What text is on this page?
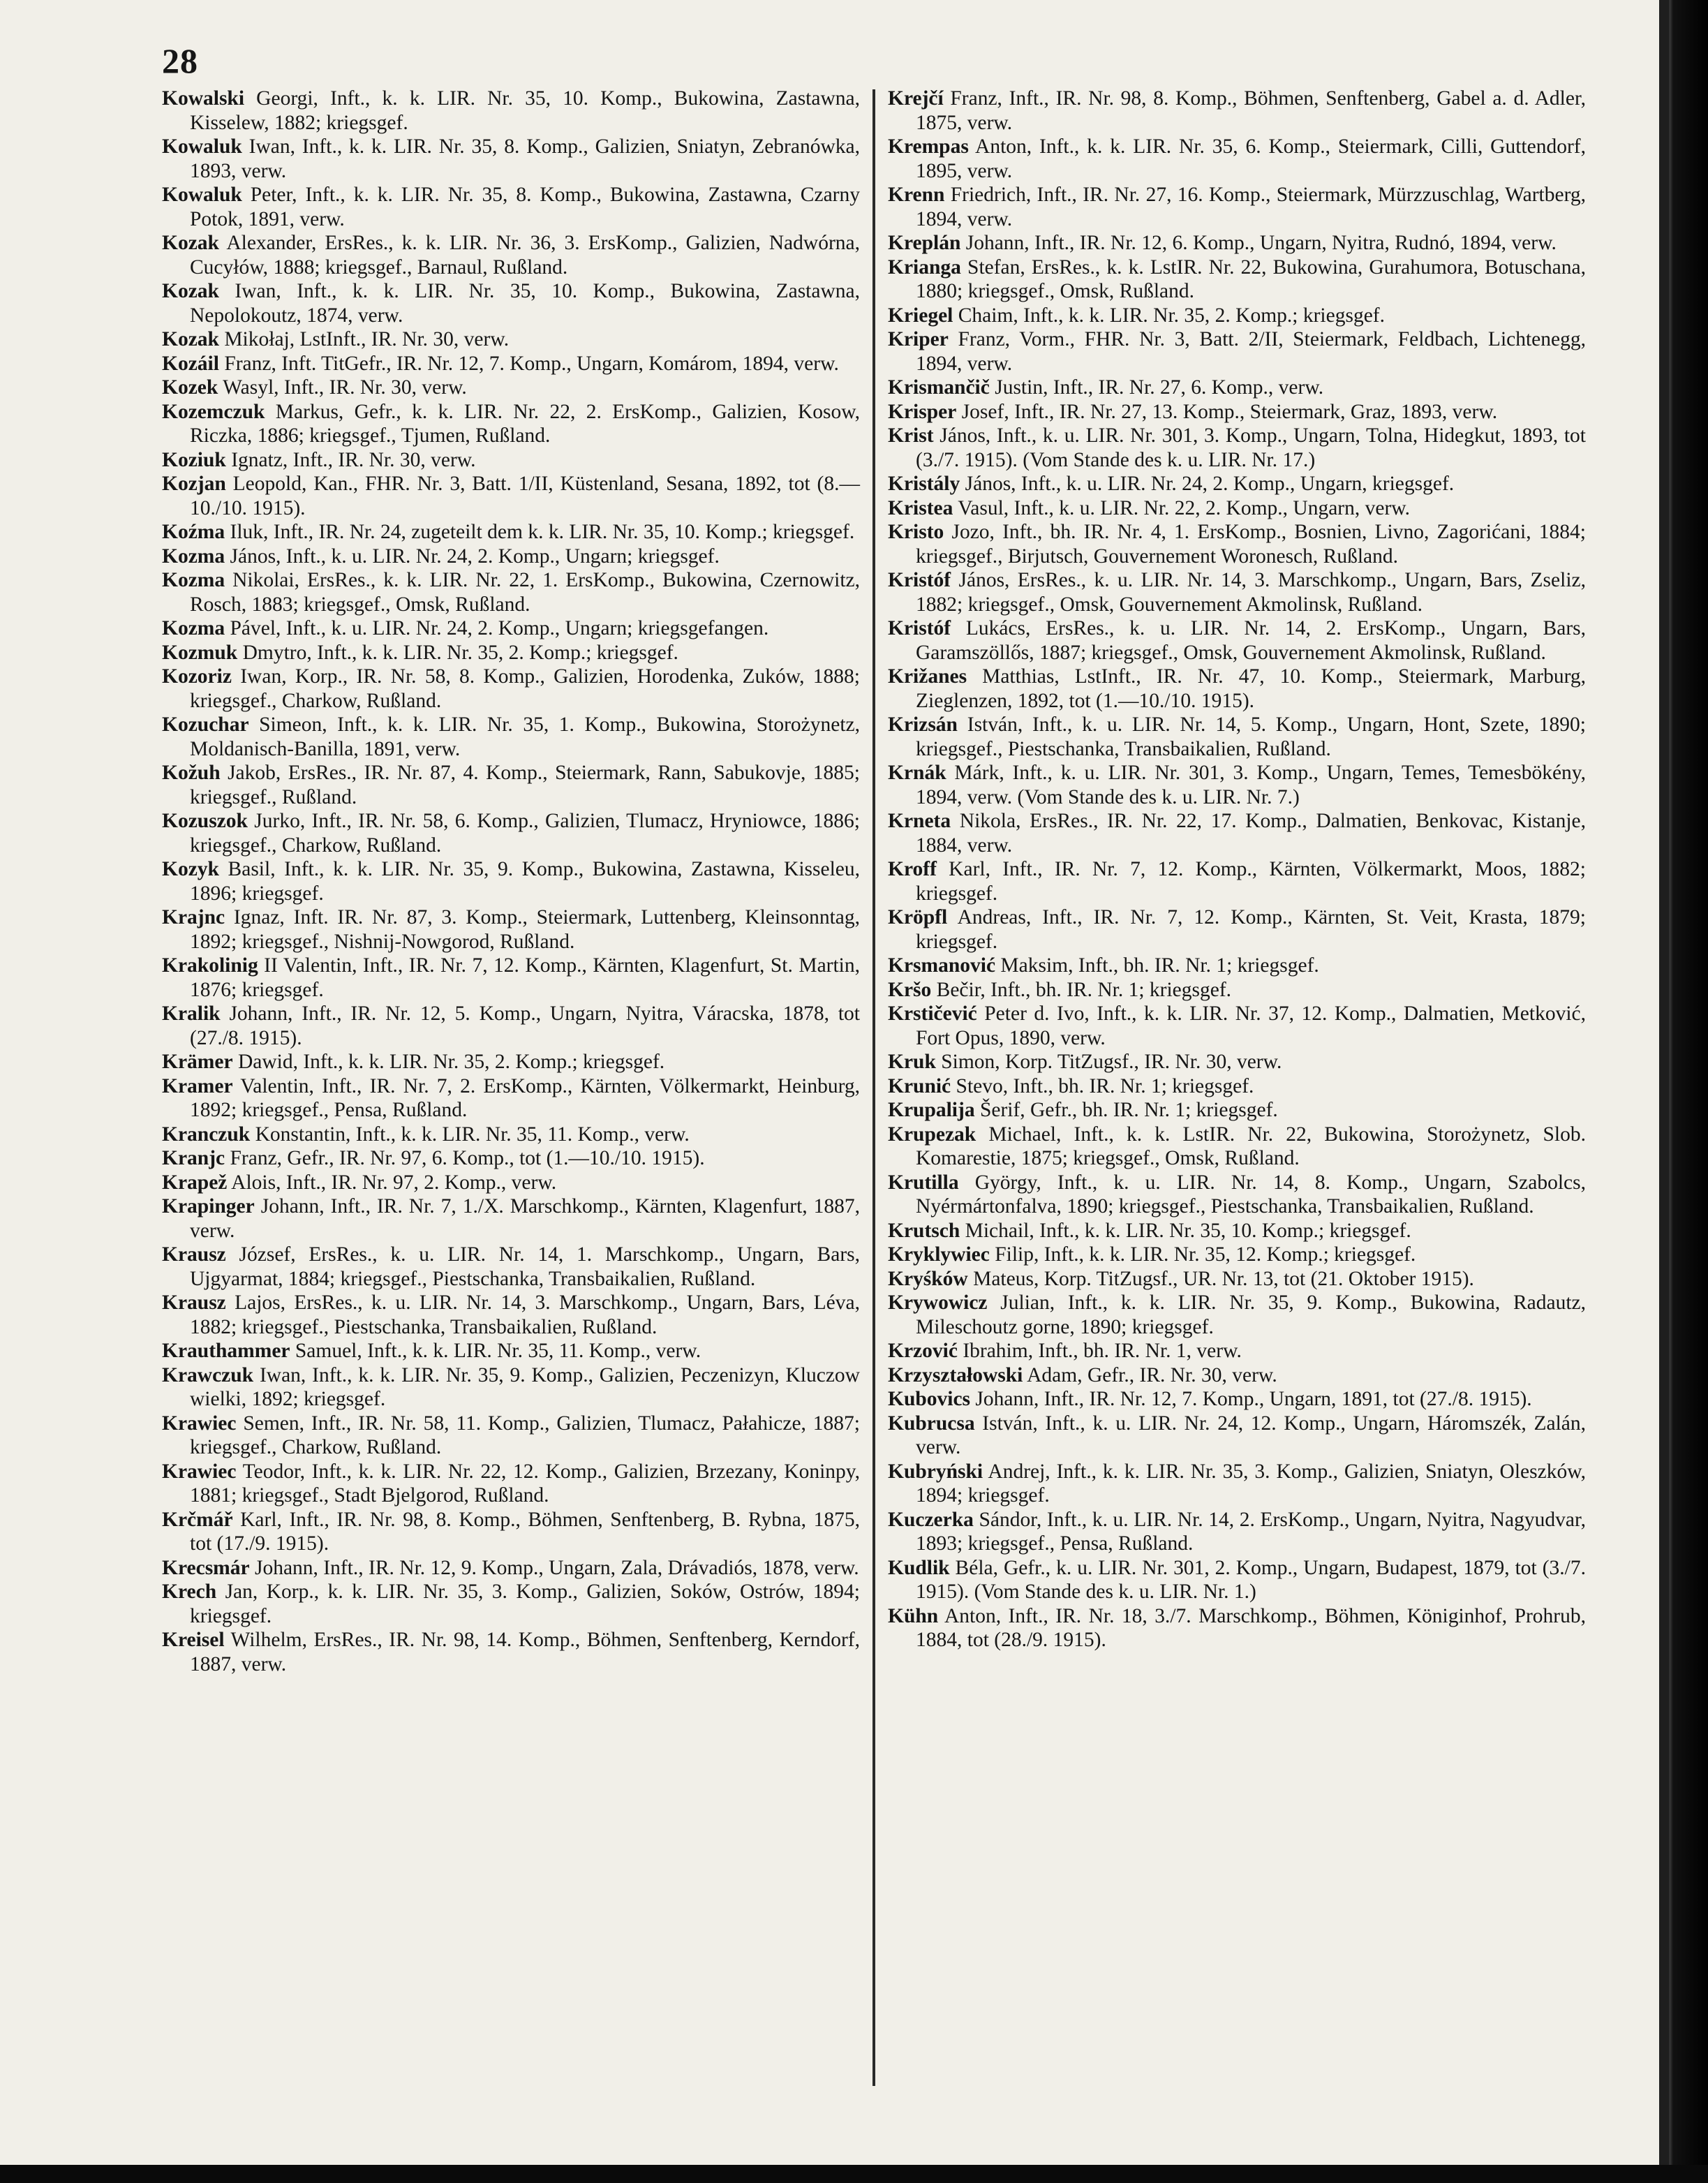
28

Kowalski Georgi, Inft., k. k. LIR. Nr. 35, 10. Komp., Bukowina, Zastawna, Kisselew, 1882; kriegsgef.

Kowaluk Iwan, Inft., k. k. LIR. Nr. 35, 8. Komp., Galizien, Sniatyn, Zebranówka, 1893, verw.

Kowaluk Peter, Inft., k. k. LIR. Nr. 35, 8. Komp., Bukowina, Zastawna, Czarny Potok, 1891, verw.

Kozak Alexander, ErsRes., k. k. LIR. Nr. 36, 3. ErsKomp., Galizien, Nadwórna, Cucyłów, 1888; kriegsgef., Barnaul, Rußland.

Kozak Iwan, Inft., k. k. LIR. Nr. 35, 10. Komp., Bukowina, Zastawna, Nepolokoutz, 1874, verw.

Kozak Mikołaj, LstInft., IR. Nr. 30, verw.

Kozáil Franz, Inft. TitGefr., IR. Nr. 12, 7. Komp., Ungarn, Komárom, 1894, verw.

Kozek Wasyl, Inft., IR. Nr. 30, verw.

Kozemczuk Markus, Gefr., k. k. LIR. Nr. 22, 2. ErsKomp., Galizien, Kosow, Riczka, 1886; kriegsgef., Tjumen, Rußland.

Koziuk Ignatz, Inft., IR. Nr. 30, verw.

Kozjan Leopold, Kan., FHR. Nr. 3, Batt. 1/II, Küstenland, Sesana, 1892, tot (8.—10./10. 1915).

Koźma Iluk, Inft., IR. Nr. 24, zugeteilt dem k. k. LIR. Nr. 35, 10. Komp.; kriegsgef.

Kozma János, Inft., k. u. LIR. Nr. 24, 2. Komp., Ungarn; kriegsgef.

Kozma Nikolai, ErsRes., k. k. LIR. Nr. 22, 1. ErsKomp., Bukowina, Czernowitz, Rosch, 1883; kriegsgef., Omsk, Rußland.

Kozma Pável, Inft., k. u. LIR. Nr. 24, 2. Komp., Ungarn; kriegsgefangen.

Kozmuk Dmytro, Inft., k. k. LIR. Nr. 35, 2. Komp.; kriegsgef.

Kozoriz Iwan, Korp., IR. Nr. 58, 8. Komp., Galizien, Horodenka, Zuków, 1888; kriegsgef., Charkow, Rußland.

Kozuchar Simeon, Inft., k. k. LIR. Nr. 35, 1. Komp., Bukowina, Storożynetz, Moldanisch-Banilla, 1891, verw.

Kožuh Jakob, ErsRes., IR. Nr. 87, 4. Komp., Steiermark, Rann, Sabukovje, 1885; kriegsgef., Rußland.

Kozuszok Jurko, Inft., IR. Nr. 58, 6. Komp., Galizien, Tlumacz, Hryniowce, 1886; kriegsgef., Charkow, Rußland.

Kozyk Basil, Inft., k. k. LIR. Nr. 35, 9. Komp., Bukowina, Zastawna, Kisseleu, 1896; kriegsgef.

Krajnc Ignaz, Inft. IR. Nr. 87, 3. Komp., Steiermark, Luttenberg, Kleinsonntag, 1892; kriegsgef., Nishnij-Nowgorod, Rußland.

Krakolinig II Valentin, Inft., IR. Nr. 7, 12. Komp., Kärnten, Klagenfurt, St. Martin, 1876; kriegsgef.

Kralik Johann, Inft., IR. Nr. 12, 5. Komp., Ungarn, Nyitra, Váracska, 1878, tot (27./8. 1915).

Krämer Dawid, Inft., k. k. LIR. Nr. 35, 2. Komp.; kriegsgef.

Kramer Valentin, Inft., IR. Nr. 7, 2. ErsKomp., Kärnten, Völkermarkt, Heinburg, 1892; kriegsgef., Pensa, Rußland.

Kranczuk Konstantin, Inft., k. k. LIR. Nr. 35, 11. Komp., verw.

Kranjc Franz, Gefr., IR. Nr. 97, 6. Komp., tot (1.—10./10. 1915).

Krapež Alois, Inft., IR. Nr. 97, 2. Komp., verw.

Krapinger Johann, Inft., IR. Nr. 7, 1./X. Marschkomp., Kärnten, Klagenfurt, 1887, verw.

Krausz József, ErsRes., k. u. LIR. Nr. 14, 1. Marschkomp., Ungarn, Bars, Ujgyarmat, 1884; kriegsgef., Piestschanka, Transbaikalien, Rußland.

Krausz Lajos, ErsRes., k. u. LIR. Nr. 14, 3. Marschkomp., Ungarn, Bars, Léva, 1882; kriegsgef., Piestschanka, Transbaikalien, Rußland.

Krauthammer Samuel, Inft., k. k. LIR. Nr. 35, 11. Komp., verw.

Krawczuk Iwan, Inft., k. k. LIR. Nr. 35, 9. Komp., Galizien, Peczenizyn, Kluczow wielki, 1892; kriegsgef.

Krawiec Semen, Inft., IR. Nr. 58, 11. Komp., Galizien, Tlumacz, Pałahicze, 1887; kriegsgef., Charkow, Rußland.

Krawiec Teodor, Inft., k. k. LIR. Nr. 22, 12. Komp., Galizien, Brzezany, Koninpy, 1881; kriegsgef., Stadt Bjelgorod, Rußland.

Krčmář Karl, Inft., IR. Nr. 98, 8. Komp., Böhmen, Senftenberg, B. Rybna, 1875, tot (17./9. 1915).

Krecsmár Johann, Inft., IR. Nr. 12, 9. Komp., Ungarn, Zala, Drávadiós, 1878, verw.

Krech Jan, Korp., k. k. LIR. Nr. 35, 3. Komp., Galizien, Soków, Ostrów, 1894; kriegsgef.

Kreisel Wilhelm, ErsRes., IR. Nr. 98, 14. Komp., Böhmen, Senftenberg, Kerndorf, 1887, verw.

Krejčí Franz, Inft., IR. Nr. 98, 8. Komp., Böhmen, Senftenberg, Gabel a. d. Adler, 1875, verw.

Krempas Anton, Inft., k. k. LIR. Nr. 35, 6. Komp., Steiermark, Cilli, Guttendorf, 1895, verw.

Krenn Friedrich, Inft., IR. Nr. 27, 16. Komp., Steiermark, Mürzzuschlag, Wartberg, 1894, verw.

Kreplán Johann, Inft., IR. Nr. 12, 6. Komp., Ungarn, Nyitra, Rudnó, 1894, verw.

Krianga Stefan, ErsRes., k. k. LstIR. Nr. 22, Bukowina, Gurahumora, Botuschana, 1880; kriegsgef., Omsk, Rußland.

Kriegel Chaim, Inft., k. k. LIR. Nr. 35, 2. Komp.; kriegsgef.

Kriper Franz, Vorm., FHR. Nr. 3, Batt. 2/II, Steiermark, Feldbach, Lichtenegg, 1894, verw.

Krismančič Justin, Inft., IR. Nr. 27, 6. Komp., verw.

Krisper Josef, Inft., IR. Nr. 27, 13. Komp., Steiermark, Graz, 1893, verw.

Krist János, Inft., k. u. LIR. Nr. 301, 3. Komp., Ungarn, Tolna, Hidegkut, 1893, tot (3./7. 1915). (Vom Stande des k. u. LIR. Nr. 17.)

Kristály János, Inft., k. u. LIR. Nr. 24, 2. Komp., Ungarn, kriegsgef.

Kristea Vasul, Inft., k. u. LIR. Nr. 22, 2. Komp., Ungarn, verw.

Kristo Jozo, Inft., bh. IR. Nr. 4, 1. ErsKomp., Bosnien, Livno, Zagorićani, 1884; kriegsgef., Birjutsch, Gouvernement Woronesch, Rußland.

Kristóf János, ErsRes., k. u. LIR. Nr. 14, 3. Marschkomp., Ungarn, Bars, Zseliz, 1882; kriegsgef., Omsk, Gouvernement Akmolinsk, Rußland.

Kristóf Lukács, ErsRes., k. u. LIR. Nr. 14, 2. ErsKomp., Ungarn, Bars, Garamszöllős, 1887; kriegsgef., Omsk, Gouvernement Akmolinsk, Rußland.

Križanes Matthias, LstInft., IR. Nr. 47, 10. Komp., Steiermark, Marburg, Zieglenzen, 1892, tot (1.—10./10. 1915).

Krizsán István, Inft., k. u. LIR. Nr. 14, 5. Komp., Ungarn, Hont, Szete, 1890; kriegsgef., Piestschanka, Transbaikalien, Rußland.

Krnák Márk, Inft., k. u. LIR. Nr. 301, 3. Komp., Ungarn, Temes, Temesbökény, 1894, verw. (Vom Stande des k. u. LIR. Nr. 7.)

Krneta Nikola, ErsRes., IR. Nr. 22, 17. Komp., Dalmatien, Benkovac, Kistanje, 1884, verw.

Kroff Karl, Inft., IR. Nr. 7, 12. Komp., Kärnten, Völkermarkt, Moos, 1882; kriegsgef.

Kröpfl Andreas, Inft., IR. Nr. 7, 12. Komp., Kärnten, St. Veit, Krasta, 1879; kriegsgef.

Krsmanović Maksim, Inft., bh. IR. Nr. 1; kriegsgef.

Kršo Bečir, Inft., bh. IR. Nr. 1; kriegsgef.

Krstičević Peter d. Ivo, Inft., k. k. LIR. Nr. 37, 12. Komp., Dalmatien, Metković, Fort Opus, 1890, verw.

Kruk Simon, Korp. TitZugsf., IR. Nr. 30, verw.

Krunić Stevo, Inft., bh. IR. Nr. 1; kriegsgef.

Krupalija Šerif, Gefr., bh. IR. Nr. 1; kriegsgef.

Krupezak Michael, Inft., k. k. LstIR. Nr. 22, Bukowina, Storożynetz, Slob. Komarestie, 1875; kriegsgef., Omsk, Rußland.

Krutilla György, Inft., k. u. LIR. Nr. 14, 8. Komp., Ungarn, Szabolcs, Nyérmártonfalva, 1890; kriegsgef., Piestschanka, Transbaikalien, Rußland.

Krutsch Michail, Inft., k. k. LIR. Nr. 35, 10. Komp.; kriegsgef.

Kryklywiec Filip, Inft., k. k. LIR. Nr. 35, 12. Komp.; kriegsgef.

Kryśków Mateus, Korp. TitZugsf., UR. Nr. 13, tot (21. Oktober 1915).

Krywowicz Julian, Inft., k. k. LIR. Nr. 35, 9. Komp., Bukowina, Radautz, Mileschoutz gorne, 1890; kriegsgef.

Krzović Ibrahim, Inft., bh. IR. Nr. 1, verw.

Krzyształowski Adam, Gefr., IR. Nr. 30, verw.

Kubovics Johann, Inft., IR. Nr. 12, 7. Komp., Ungarn, 1891, tot (27./8. 1915).

Kubrucsa István, Inft., k. u. LIR. Nr. 24, 12. Komp., Ungarn, Háromszék, Zalán, verw.

Kubryński Andrej, Inft., k. k. LIR. Nr. 35, 3. Komp., Galizien, Sniatyn, Oleszków, 1894; kriegsgef.

Kuczerka Sándor, Inft., k. u. LIR. Nr. 14, 2. ErsKomp., Ungarn, Nyitra, Nagyudvar, 1893; kriegsgef., Pensa, Rußland.

Kudlik Béla, Gefr., k. u. LIR. Nr. 301, 2. Komp., Ungarn, Budapest, 1879, tot (3./7. 1915). (Vom Stande des k. u. LIR. Nr. 1.)

Kühn Anton, Inft., IR. Nr. 18, 3./7. Marschkomp., Böhmen, Königinhof, Prohrub, 1884, tot (28./9. 1915).
